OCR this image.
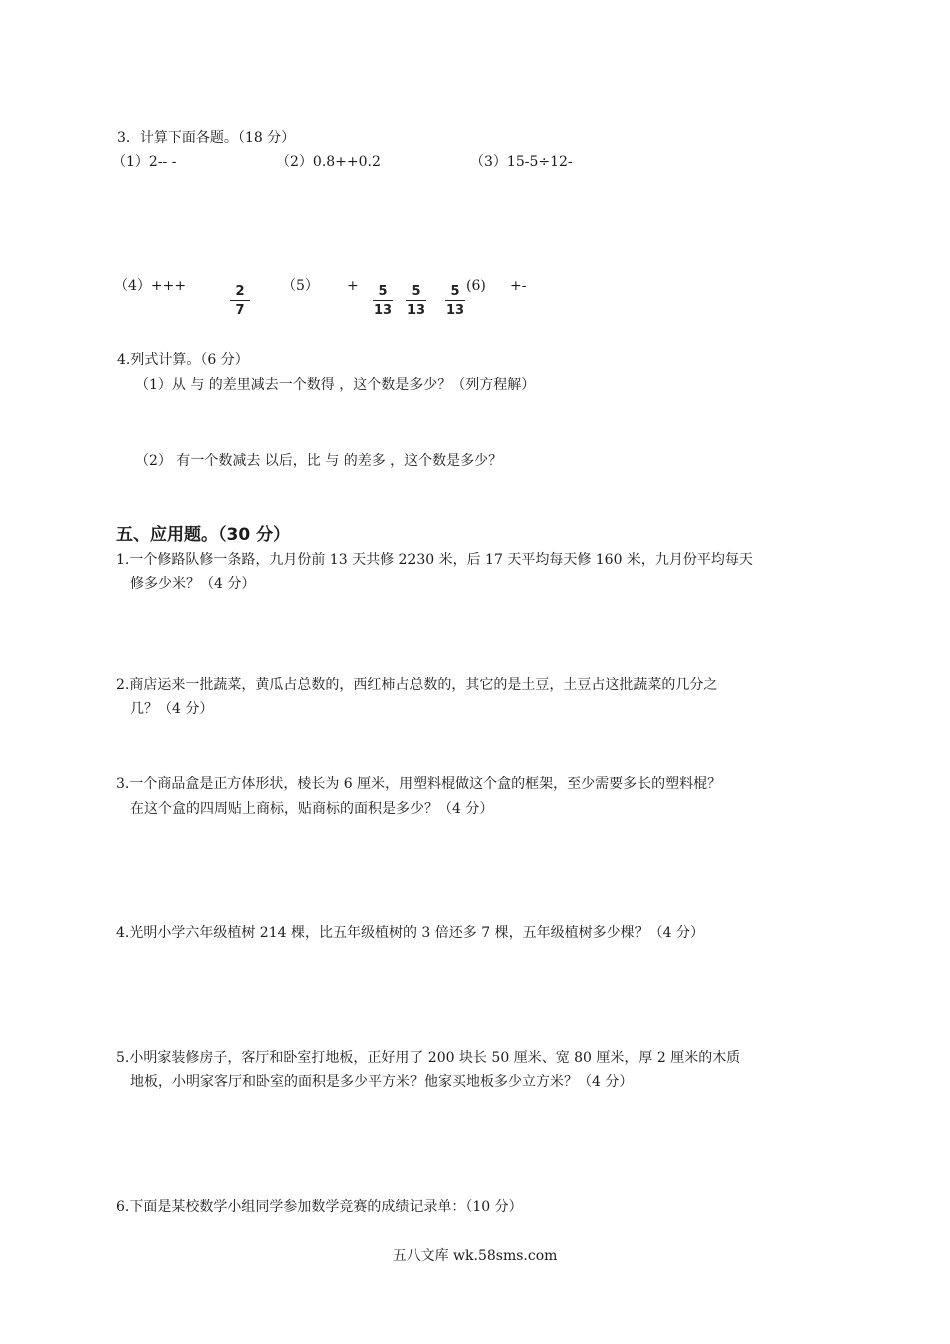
3．计算下面各题。（18 分）
（1）2-- -	（2）0.8++0.2	（3）15-5÷12-
（4）+++	（5） +	(6) +-
2
7
5
13
5
13
5
13
4.列式计算。（6 分）
（1）从 与 的差里减去一个数得 ，这个数是多少？（列方程解）
（2） 有一个数减去 以后，比 与 的差多 ，这个数是多少？
五、应用题。（30 分）
1.一个修路队修一条路，九月份前 13 天共修 2230 米，后 17 天平均每天修 160 米，九月份平均每天
修多少米？（4 分）
2.商店运来一批蔬菜，黄瓜占总数的，西红柿占总数的，其它的是土豆，土豆占这批蔬菜的几分之
几？（4 分）
3.一个商品盒是正方体形状，棱长为 6 厘米，用塑料棍做这个盒的框架，至少需要多长的塑料棍？
在这个盒的四周贴上商标，贴商标的面积是多少？（4 分）
4.光明小学六年级植树 214 棵，比五年级植树的 3 倍还多 7 棵，五年级植树多少棵？（4 分）
5.小明家装修房子，客厅和卧室打地板，正好用了 200 块长 50 厘米、宽 80 厘米，厚 2 厘米的木质
地板，小明家客厅和卧室的面积是多少平方米？他家买地板多少立方米？（4 分）
6.下面是某校数学小组同学参加数学竞赛的成绩记录单：（10 分）
五八文库 wk.58sms.com
